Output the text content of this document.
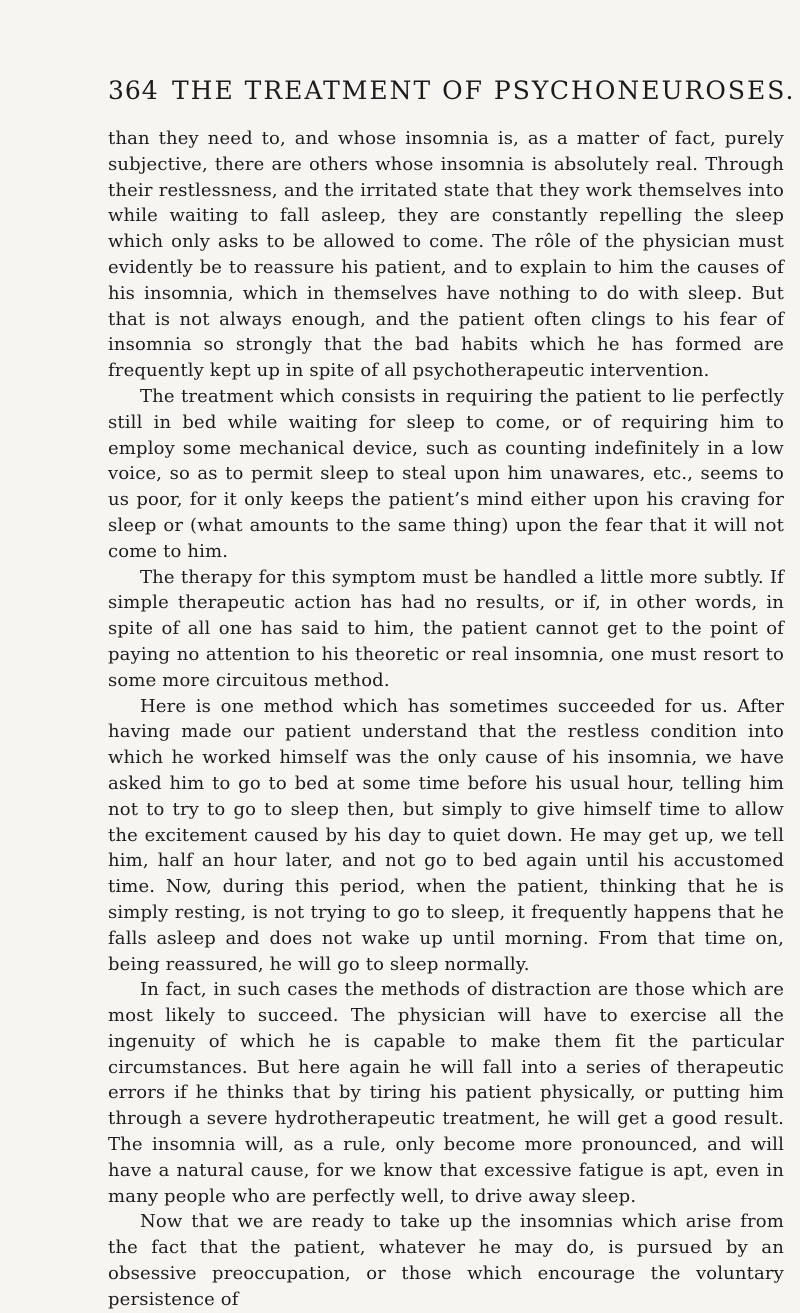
364 THE TREATMENT OF PSYCHONEUROSES.

than they need to, and whose insomnia is, as a matter of fact, purely subjective, there are others whose insomnia is absolutely real. Through their restlessness, and the irritated state that they work themselves into while waiting to fall asleep, they are constantly repelling the sleep which only asks to be allowed to come. The rôle of the physician must evidently be to reassure his patient, and to explain to him the causes of his insomnia, which in themselves have nothing to do with sleep. But that is not always enough, and the patient often clings to his fear of insomnia so strongly that the bad habits which he has formed are frequently kept up in spite of all psychotherapeutic intervention.

The treatment which consists in requiring the patient to lie perfectly still in bed while waiting for sleep to come, or of requiring him to employ some mechanical device, such as counting indefinitely in a low voice, so as to permit sleep to steal upon him unawares, etc., seems to us poor, for it only keeps the patient’s mind either upon his craving for sleep or (what amounts to the same thing) upon the fear that it will not come to him.

The therapy for this symptom must be handled a little more subtly. If simple therapeutic action has had no results, or if, in other words, in spite of all one has said to him, the patient cannot get to the point of paying no attention to his theoretic or real insomnia, one must resort to some more circuitous method.

Here is one method which has sometimes succeeded for us. After having made our patient understand that the restless condition into which he worked himself was the only cause of his insomnia, we have asked him to go to bed at some time before his usual hour, telling him not to try to go to sleep then, but simply to give himself time to allow the excitement caused by his day to quiet down. He may get up, we tell him, half an hour later, and not go to bed again until his accustomed time. Now, during this period, when the patient, thinking that he is simply resting, is not trying to go to sleep, it frequently happens that he falls asleep and does not wake up until morning. From that time on, being reassured, he will go to sleep normally.

In fact, in such cases the methods of distraction are those which are most likely to succeed. The physician will have to exercise all the ingenuity of which he is capable to make them fit the particular circumstances. But here again he will fall into a series of therapeutic errors if he thinks that by tiring his patient physically, or putting him through a severe hydrotherapeutic treatment, he will get a good result. The insomnia will, as a rule, only become more pronounced, and will have a natural cause, for we know that excessive fatigue is apt, even in many people who are perfectly well, to drive away sleep.

Now that we are ready to take up the insomnias which arise from the fact that the patient, whatever he may do, is pursued by an obsessive preoccupation, or those which encourage the voluntary persistence of
